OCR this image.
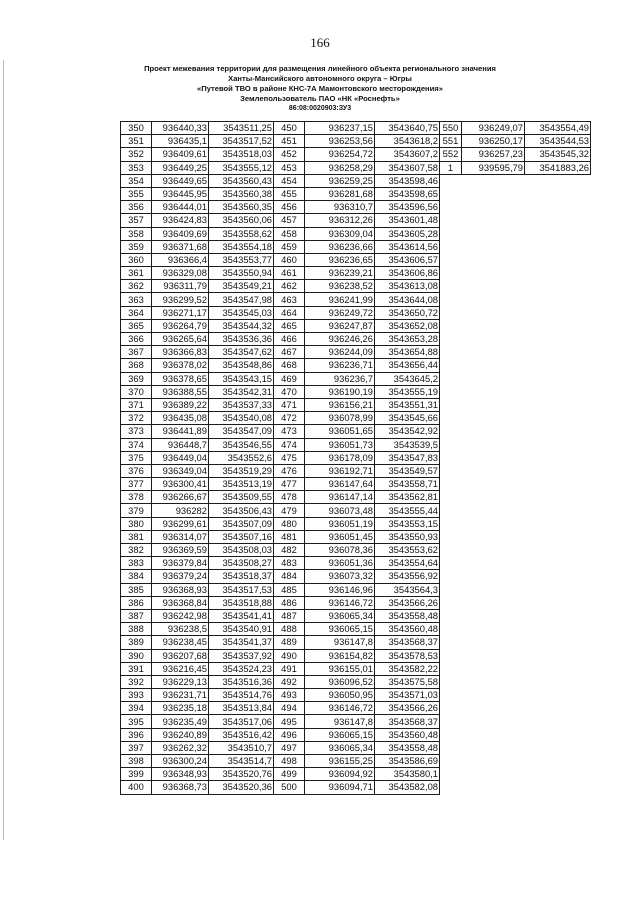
166
Проект межевания территории для размещения линейного объекта регионального значения
Ханты-Мансийского автономного округа – Югры
«Путевой ТВО в районе КНС-7А Мамонтовского месторождения»
Землепользователь ПАО «НК «Роснефть»
86:08:0020903:ЗУ3
350	936440,33	3543511,25	450	936237,15	3543640,75	550	936249,07	3543554,49
351	936435,1	3543517,52	451	936253,56	3543618,2	551	936250,17	3543544,53
352	936409,61	3543518,03	452	936254,72	3543607,2	552	936257,23	3543545,32
353	936449,25	3543555,12	453	936258,29	3543607,58	1	939595,79	3541883,26
354	936449,65	3543560,43	454	936259,25	3543598,46			
355	936445,95	3543560,38	455	936281,68	3543598,65			
356	936444,01	3543560,35	456	936310,7	3543596,56			
357	936424,83	3543560,06	457	936312,26	3543601,48			
358	936409,69	3543558,62	458	936309,04	3543605,28			
359	936371,68	3543554,18	459	936236,66	3543614,56			
360	936366,4	3543553,77	460	936236,65	3543606,57			
361	936329,08	3543550,94	461	936239,21	3543606,86			
362	936311,79	3543549,21	462	936238,52	3543613,08			
363	936299,52	3543547,98	463	936241,99	3543644,08			
364	936271,17	3543545,03	464	936249,72	3543650,72			
365	936264,79	3543544,32	465	936247,87	3543652,08			
366	936265,64	3543536,36	466	936246,26	3543653,28			
367	936366,83	3543547,62	467	936244,09	3543654,88			
368	936378,02	3543548,86	468	936236,71	3543656,44			
369	936378,65	3543543,15	469	936236,7	3543645,2			
370	936388,55	3543542,31	470	936190,19	3543555,19			
371	936389,22	3543537,33	471	936156,21	3543551,31			
372	936435,08	3543540,08	472	936078,99	3543545,66			
373	936441,89	3543547,09	473	936051,65	3543542,92			
374	936448,7	3543546,55	474	936051,73	3543539,5			
375	936449,04	3543552,6	475	936178,09	3543547,83			
376	936349,04	3543519,29	476	936192,71	3543549,57			
377	936300,41	3543513,19	477	936147,64	3543558,71			
378	936266,67	3543509,55	478	936147,14	3543562,81			
379	936282	3543506,43	479	936073,48	3543555,44			
380	936299,61	3543507,09	480	936051,19	3543553,15			
381	936314,07	3543507,16	481	936051,45	3543550,93			
382	936369,59	3543508,03	482	936078,36	3543553,62			
383	936379,84	3543508,27	483	936051,36	3543554,64			
384	936379,24	3543518,37	484	936073,32	3543556,92			
385	936368,93	3543517,53	485	936146,96	3543564,3			
386	936368,84	3543518,88	486	936146,72	3543566,26			
387	936242,98	3543541,41	487	936065,34	3543558,48			
388	936238,5	3543540,91	488	936065,15	3543560,48			
389	936238,45	3543541,37	489	936147,8	3543568,37			
390	936207,68	3543537,92	490	936154,82	3543578,53			
391	936216,45	3543524,23	491	936155,01	3543582,22			
392	936229,13	3543516,36	492	936096,52	3543575,58			
393	936231,71	3543514,76	493	936050,95	3543571,03			
394	936235,18	3543513,84	494	936146,72	3543566,26			
395	936235,49	3543517,06	495	936147,8	3543568,37			
396	936240,89	3543516,42	496	936065,15	3543560,48			
397	936262,32	3543510,7	497	936065,34	3543558,48			
398	936300,24	3543514,7	498	936155,25	3543586,69			
399	936348,93	3543520,76	499	936094,92	3543580,1			
400	936368,73	3543520,36	500	936094,71	3543582,08			
